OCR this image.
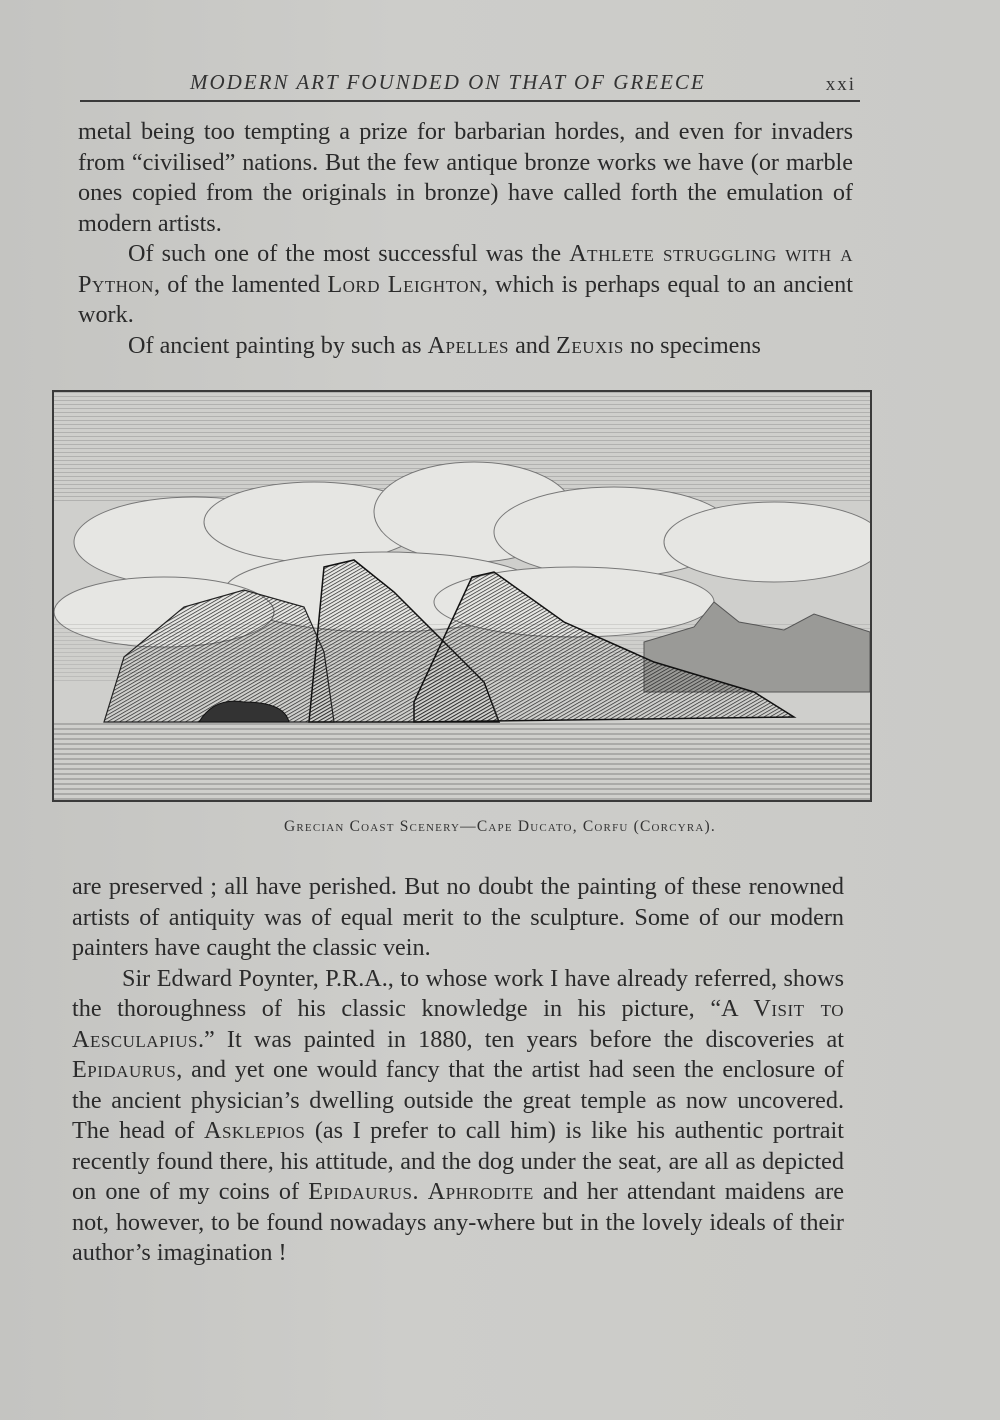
MODERN ART FOUNDED ON THAT OF GREECE	xxi

metal being too tempting a prize for barbarian hordes, and even for invaders from “civilised” nations. But the few antique bronze works we have (or marble ones copied from the originals in bronze) have called forth the emulation of modern artists.

Of such one of the most successful was the Athlete struggling with a Python, of the lamented Lord Leighton, which is perhaps equal to an ancient work.

Of ancient painting by such as Apelles and Zeuxis no specimens

Grecian Coast Scenery—Cape Ducato, Corfu (Corcyra).

are preserved ; all have perished. But no doubt the painting of these renowned artists of antiquity was of equal merit to the sculpture. Some of our modern painters have caught the classic vein.

Sir Edward Poynter, P.R.A., to whose work I have already referred, shows the thoroughness of his classic knowledge in his picture, “A Visit to Aesculapius.” It was painted in 1880, ten years before the discoveries at Epidaurus, and yet one would fancy that the artist had seen the enclosure of the ancient physician’s dwelling outside the great temple as now uncovered. The head of Asklepios (as I prefer to call him) is like his authentic portrait recently found there, his attitude, and the dog under the seat, are all as depicted on one of my coins of Epidaurus. Aphrodite and her attendant maidens are not, however, to be found nowadays any-where but in the lovely ideals of their author’s imagination !
